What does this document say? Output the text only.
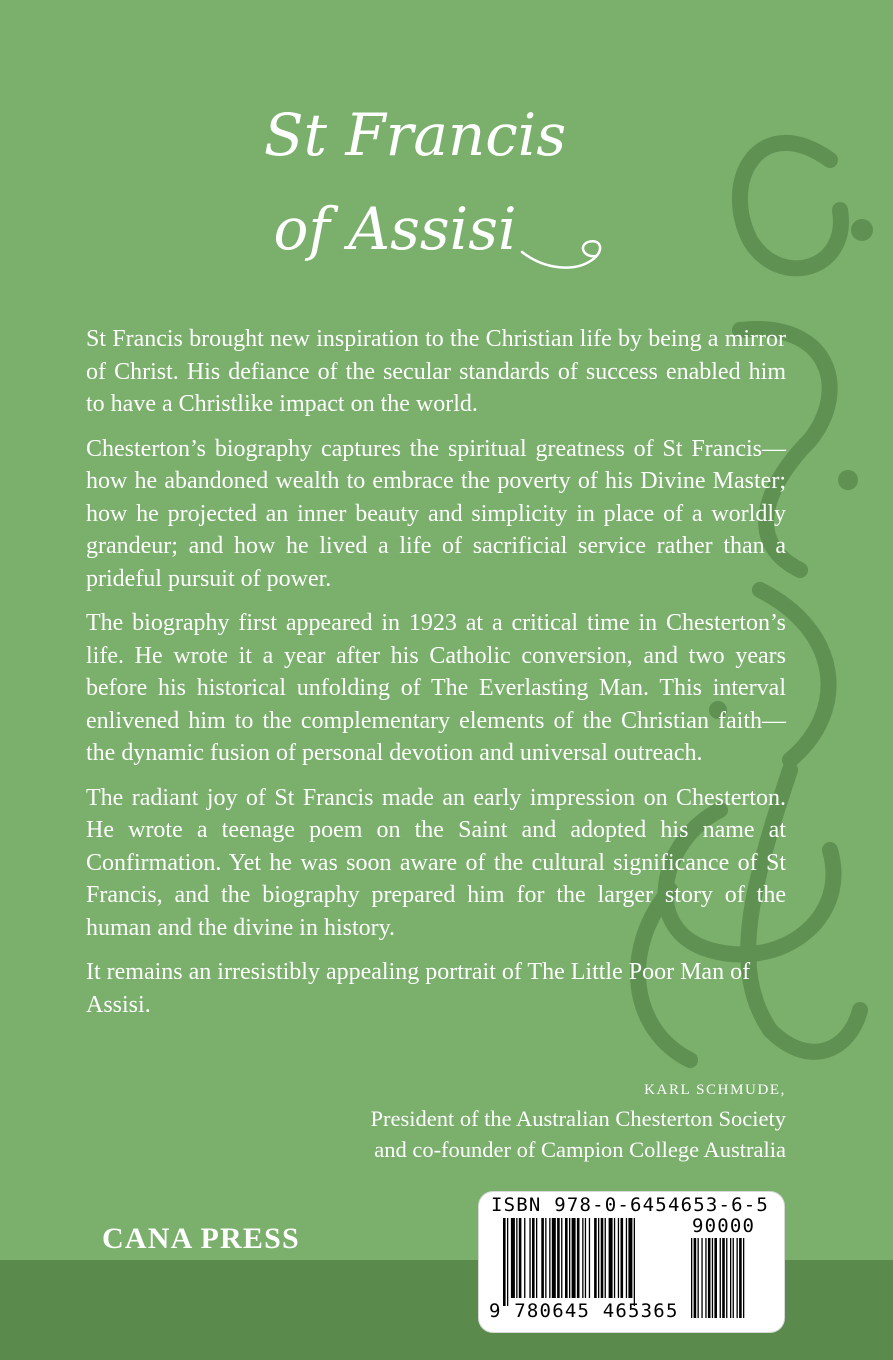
St Francis
of Assisi

St Francis brought new inspiration to the Christian life by being a mirror of Christ. His defiance of the secular standards of success enabled him to have a Christlike impact on the world.

Chesterton’s biography captures the spiritual greatness of St Francis—how he abandoned wealth to embrace the poverty of his Divine Master; how he projected an inner beauty and simplicity in place of a worldly grandeur; and how he lived a life of sacrificial service rather than a prideful pursuit of power.

The biography first appeared in 1923 at a critical time in Chesterton’s life. He wrote it a year after his Catholic conversion, and two years before his historical unfolding of The Everlasting Man. This interval enlivened him to the complementary elements of the Christian faith—the dynamic fusion of personal devotion and universal outreach.

The radiant joy of St Francis made an early impression on Chesterton. He wrote a teenage poem on the Saint and adopted his name at Confirmation. Yet he was soon aware of the cultural significance of St Francis, and the biography prepared him for the larger story of the human and the divine in history.

It remains an irresistibly appealing portrait of The Little Poor Man of Assisi.

KARL SCHMUDE,
President of the Australian Chesterton Society
and co-founder of Campion College Australia
CANA PRESS
ISBN 978-0-6454653-6-5
90000
9 780645 465365
